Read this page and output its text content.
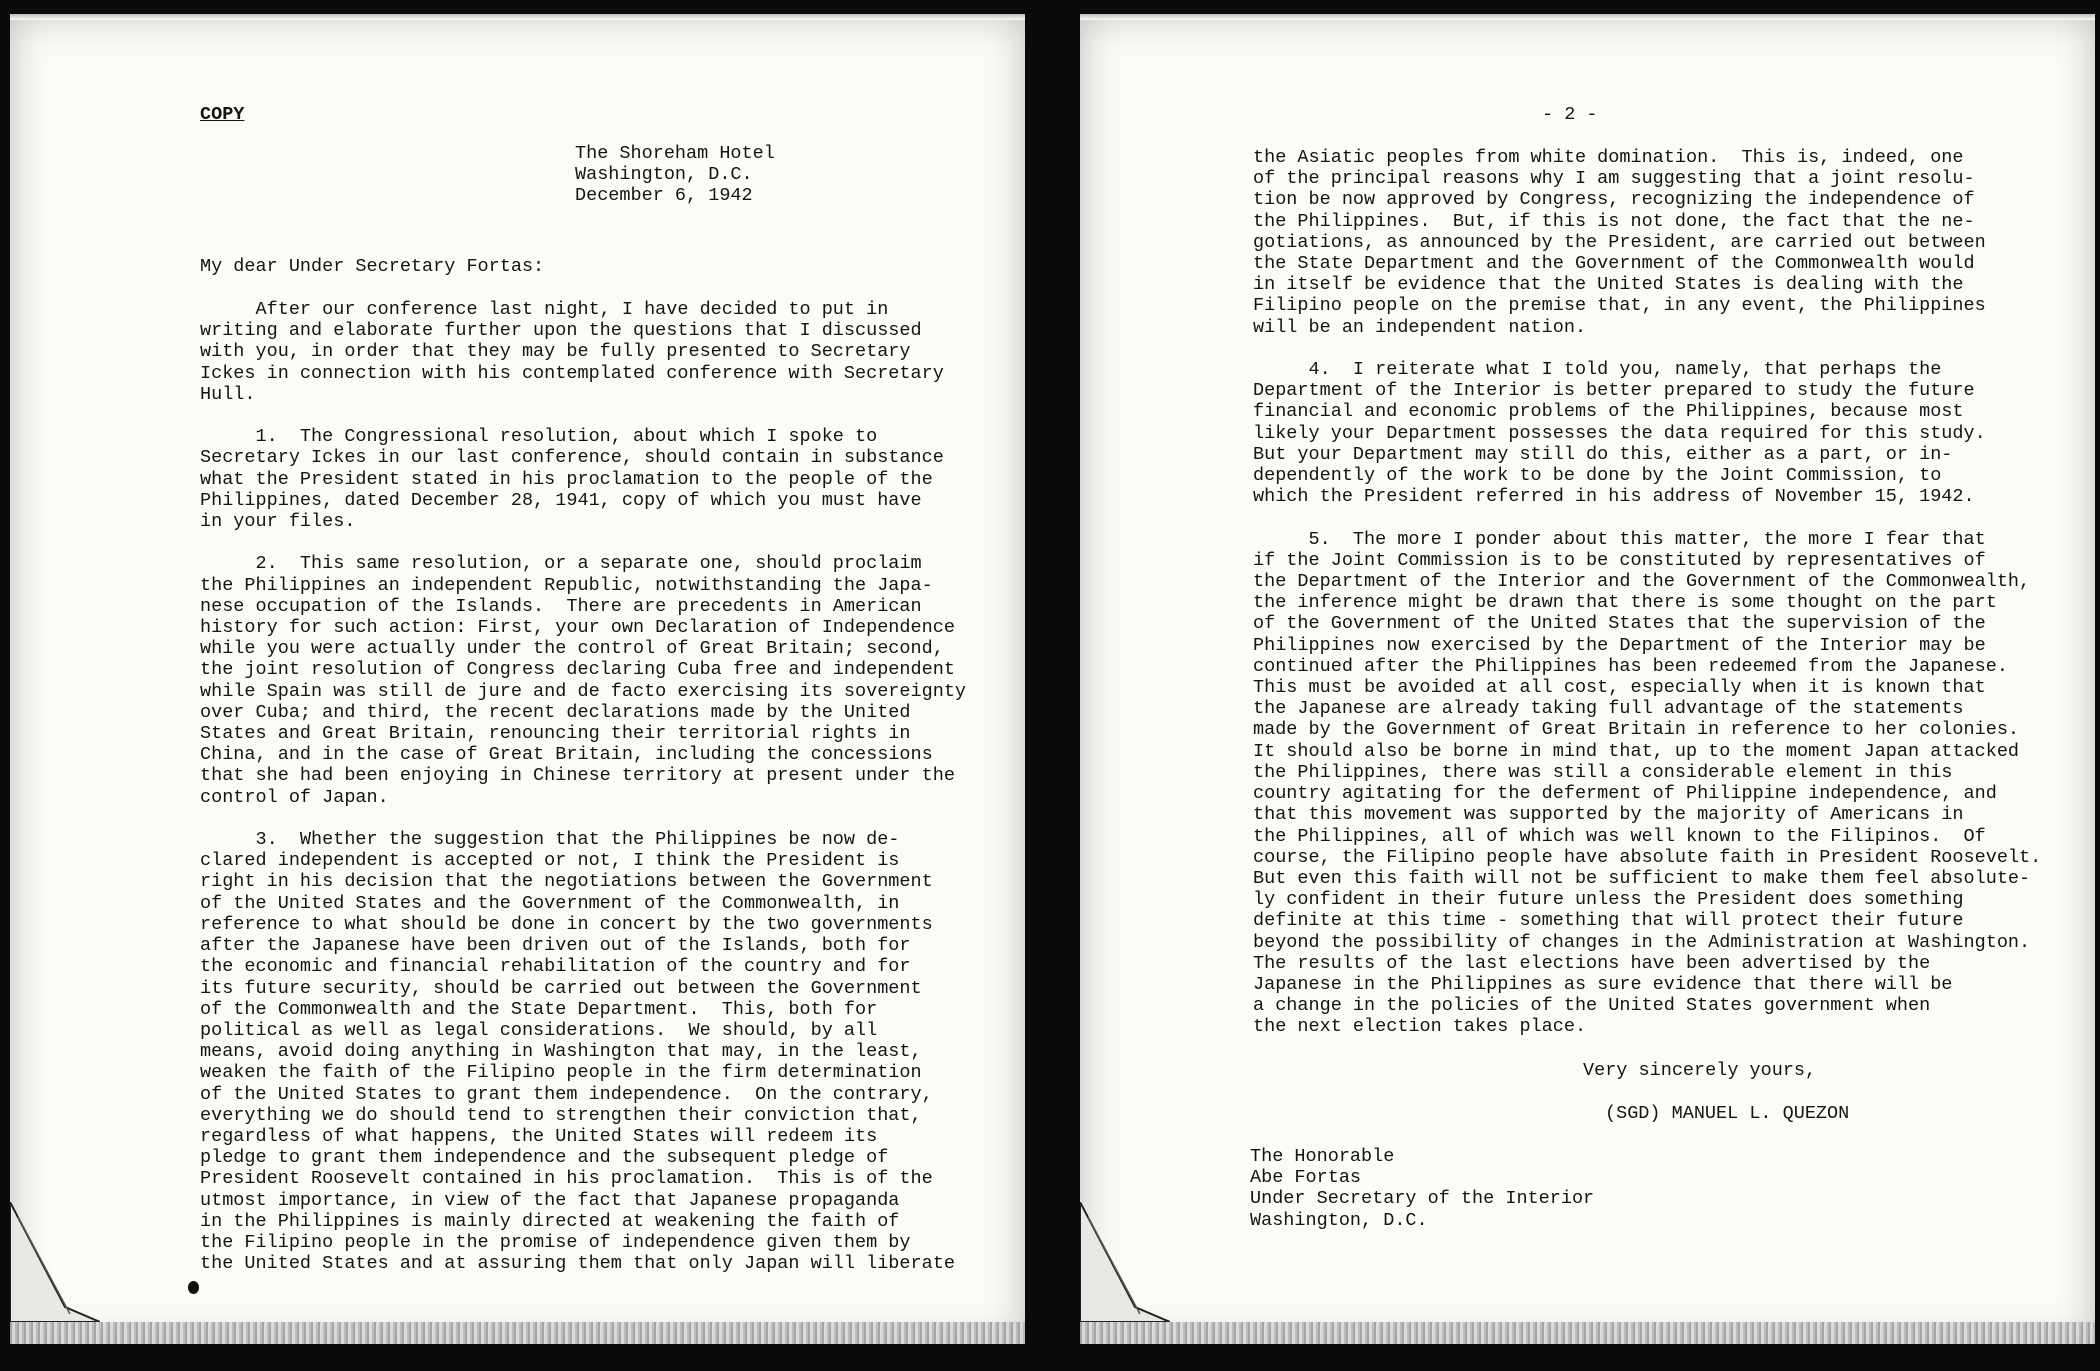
COPY
The Shoreham Hotel
Washington, D.C.
December 6, 1942
My dear Under Secretary Fortas:
After our conference last night, I have decided to put in
writing and elaborate further upon the questions that I discussed
with you, in order that they may be fully presented to Secretary
Ickes in connection with his contemplated conference with Secretary
Hull.

1.  The Congressional resolution, about which I spoke to
Secretary Ickes in our last conference, should contain in substance
what the President stated in his proclamation to the people of the
Philippines, dated December 28, 1941, copy of which you must have
in your files.

2.  This same resolution, or a separate one, should proclaim
the Philippines an independent Republic, notwithstanding the Japa-
nese occupation of the Islands.  There are precedents in American
history for such action: First, your own Declaration of Independence
while you were actually under the control of Great Britain; second,
the joint resolution of Congress declaring Cuba free and independent
while Spain was still de jure and de facto exercising its sovereignty
over Cuba; and third, the recent declarations made by the United
States and Great Britain, renouncing their territorial rights in
China, and in the case of Great Britain, including the concessions
that she had been enjoying in Chinese territory at present under the
control of Japan.

3.  Whether the suggestion that the Philippines be now de-
clared independent is accepted or not, I think the President is
right in his decision that the negotiations between the Government
of the United States and the Government of the Commonwealth, in
reference to what should be done in concert by the two governments
after the Japanese have been driven out of the Islands, both for
the economic and financial rehabilitation of the country and for
its future security, should be carried out between the Government
of the Commonwealth and the State Department.  This, both for
political as well as legal considerations.  We should, by all
means, avoid doing anything in Washington that may, in the least,
weaken the faith of the Filipino people in the firm determination
of the United States to grant them independence.  On the contrary,
everything we do should tend to strengthen their conviction that,
regardless of what happens, the United States will redeem its
pledge to grant them independence and the subsequent pledge of
President Roosevelt contained in his proclamation.  This is of the
utmost importance, in view of the fact that Japanese propaganda
in the Philippines is mainly directed at weakening the faith of
the Filipino people in the promise of independence given them by
the United States and at assuring them that only Japan will liberate
- 2 -
the Asiatic peoples from white domination.  This is, indeed, one
of the principal reasons why I am suggesting that a joint resolu-
tion be now approved by Congress, recognizing the independence of
the Philippines.  But, if this is not done, the fact that the ne-
gotiations, as announced by the President, are carried out between
the State Department and the Government of the Commonwealth would
in itself be evidence that the United States is dealing with the
Filipino people on the premise that, in any event, the Philippines
will be an independent nation.

4.  I reiterate what I told you, namely, that perhaps the
Department of the Interior is better prepared to study the future
financial and economic problems of the Philippines, because most
likely your Department possesses the data required for this study.
But your Department may still do this, either as a part, or in-
dependently of the work to be done by the Joint Commission, to
which the President referred in his address of November 15, 1942.

5.  The more I ponder about this matter, the more I fear that
if the Joint Commission is to be constituted by representatives of
the Department of the Interior and the Government of the Commonwealth,
the inference might be drawn that there is some thought on the part
of the Government of the United States that the supervision of the
Philippines now exercised by the Department of the Interior may be
continued after the Philippines has been redeemed from the Japanese.
This must be avoided at all cost, especially when it is known that
the Japanese are already taking full advantage of the statements
made by the Government of Great Britain in reference to her colonies.
It should also be borne in mind that, up to the moment Japan attacked
the Philippines, there was still a considerable element in this
country agitating for the deferment of Philippine independence, and
that this movement was supported by the majority of Americans in
the Philippines, all of which was well known to the Filipinos.  Of
course, the Filipino people have absolute faith in President Roosevelt.
But even this faith will not be sufficient to make them feel absolute-
ly confident in their future unless the President does something
definite at this time - something that will protect their future
beyond the possibility of changes in the Administration at Washington.
The results of the last elections have been advertised by the
Japanese in the Philippines as sure evidence that there will be
a change in the policies of the United States government when
the next election takes place.
Very sincerely yours,
(SGD) MANUEL L. QUEZON
The Honorable
Abe Fortas
Under Secretary of the Interior
Washington, D.C.
